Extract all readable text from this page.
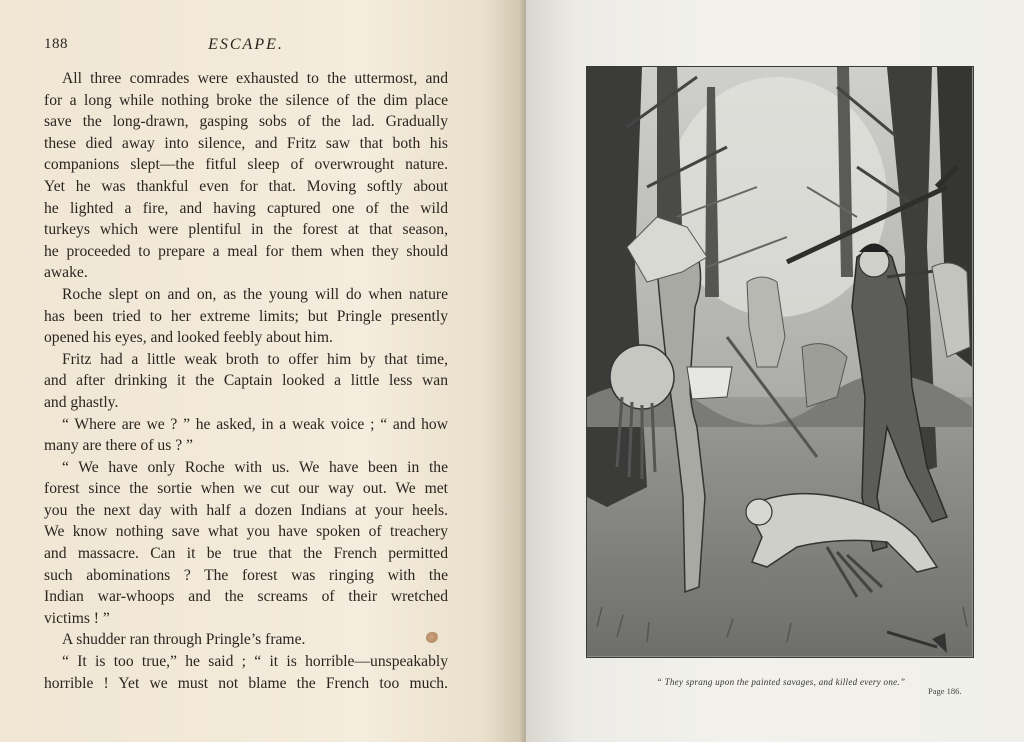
188	ESCAPE.
All three comrades were exhausted to the uttermost, and
for a long while nothing broke the silence of the dim place
save the long-drawn, gasping sobs of the lad. Gradually
these died away into silence, and Fritz saw that both his
companions slept—the fitful sleep of overwrought nature.
Yet he was thankful even for that. Moving softly about
he lighted a fire, and having captured one of the wild
turkeys which were plentiful in the forest at that season,
he proceeded to prepare a meal for them when they should
awake.
Roche slept on and on, as the young will do when nature
has been tried to her extreme limits; but Pringle presently
opened his eyes, and looked feebly about him.
Fritz had a little weak broth to offer him by that time,
and after drinking it the Captain looked a little less wan
and ghastly.
“ Where are we ? ” he asked, in a weak voice ; “ and how
many are there of us ? ”
“ We have only Roche with us. We have been in the
forest since the sortie when we cut our way out. We met
you the next day with half a dozen Indians at your heels.
We know nothing save what you have spoken of treachery
and massacre. Can it be true that the French permitted
such abominations ? The forest was ringing with the
Indian war-whoops and the screams of their wretched
victims ! ”
A shudder ran through Pringle’s frame.
“ It is too true,” he said ; “ it is horrible—unspeakably
horrible ! Yet we must not blame the French too much.	“ They sprang upon the painted savages, and killed every one.”
Page 186.
